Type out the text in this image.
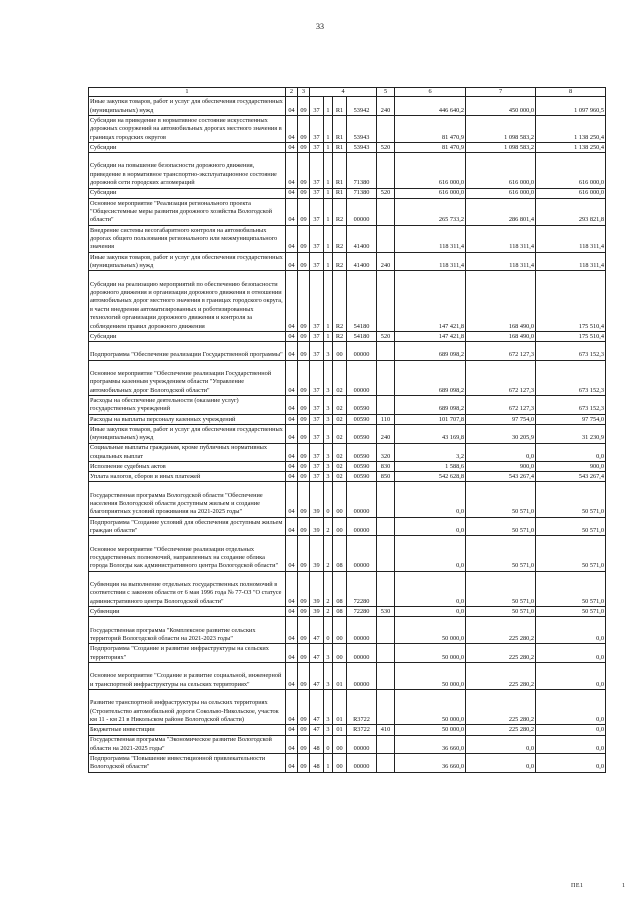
33
1	2	3	4				5	6	7	8
Иные закупки товаров, работ и услуг для обеспечения государственных (муниципальных) нужд	04	09	37	1	R1	53942	240	446 640,2	450 000,0	1 097 960,5
Субсидия на приведение в нормативное состояние искусственных дорожных сооружений на автомобильных дорогах местного значения в границах городских округов	04	09	37	1	R1	53943		81 470,9	1 098 583,2	1 138 250,4
Субсидии	04	09	37	1	R1	53943	520	81 470,9	1 098 583,2	1 138 250,4
Субсидии на повышение безопасности дорожного движения, приведение в нормативное транспортно-эксплуатационное состояние дорожной сети городских агломераций	04	09	37	1	R1	71380		616 000,0	616 000,0	616 000,0
Субсидии	04	09	37	1	R1	71380	520	616 000,0	616 000,0	616 000,0
Основное мероприятие "Реализация регионального проекта "Общесистемные меры развития дорожного хозяйства Вологодской области"	04	09	37	1	R2	00000		265 733,2	286 801,4	293 821,8
Внедрение системы весогабаритного контроля на автомобильных дорогах общего пользования регионального или межмуниципального значения	04	09	37	1	R2	41400		118 311,4	118 311,4	118 311,4
Иные закупки товаров, работ и услуг для обеспечения государственных (муниципальных) нужд	04	09	37	1	R2	41400	240	118 311,4	118 311,4	118 311,4
Субсидии на реализацию мероприятий по обеспечению безопасности дорожного движения и организации дорожного движения в отношении автомобильных дорог местного значения в границах городского округа, в части внедрения автоматизированных и роботизированных технологий организации дорожного движения и контроля за соблюдением правил дорожного движения	04	09	37	1	R2	54180		147 421,8	168 490,0	175 510,4
Субсидии	04	09	37	1	R2	54180	520	147 421,8	168 490,0	175 510,4
Подпрограмма "Обеспечение реализации Государственной программы"	04	09	37	3	00	00000		689 098,2	672 127,3	673 152,3
Основное мероприятие "Обеспечение реализации Государственной программы казенным учреждением области "Управление автомобильных дорог Вологодской области"	04	09	37	3	02	00000		689 098,2	672 127,3	673 152,3
Расходы на обеспечение деятельности (оказание услуг) государственных учреждений	04	09	37	3	02	00590		689 098,2	672 127,3	673 152,3
Расходы на выплаты персоналу казенных учреждений	04	09	37	3	02	00590	110	101 707,8	97 754,0	97 754,0
Иные закупки товаров, работ и услуг для обеспечения государственных (муниципальных) нужд	04	09	37	3	02	00590	240	43 169,8	30 205,9	31 230,9
Социальные выплаты гражданам, кроме публичных нормативных социальных выплат	04	09	37	3	02	00590	320	3,2	0,0	0,0
Исполнение судебных актов	04	09	37	3	02	00590	830	1 588,6	900,0	900,0
Уплата налогов, сборов и иных платежей	04	09	37	3	02	00590	850	542 628,8	543 267,4	543 267,4
Государственная программа Вологодской области "Обеспечение населения Вологодской области доступным жильем и создание благоприятных условий проживания на 2021-2025 годы"	04	09	39	0	00	00000		0,0	50 571,0	50 571,0
Подпрограмма "Создание условий для обеспечения доступным жильем граждан области"	04	09	39	2	00	00000		0,0	50 571,0	50 571,0
Основное мероприятие "Обеспечение реализации отдельных государственных полномочий, направленных на создание облика города Вологды как административного центра Вологодской области"	04	09	39	2	08	00000		0,0	50 571,0	50 571,0
Субвенция на выполнение отдельных государственных полномочий в соответствии с законом области от 6 мая 1996 года № 77-ОЗ "О статусе административного центра Вологодской области"	04	09	39	2	08	72280		0,0	50 571,0	50 571,0
Субвенции	04	09	39	2	08	72280	530	0,0	50 571,0	50 571,0
Государственная программа "Комплексное развитие сельских территорий Вологодской области на 2021-2023 годы"	04	09	47	0	00	00000		50 000,0	225 280,2	0,0
Подпрограмма "Создание и развитие инфраструктуры на сельских территориях"	04	09	47	3	00	00000		50 000,0	225 280,2	0,0
Основное мероприятие "Создание и развитие социальной, инженерной и транспортной инфраструктуры на сельских территориях"	04	09	47	3	01	00000		50 000,0	225 280,2	0,0
Развитие транспортной инфраструктуры на сельских территориях (Строительство автомобильной дороги Сокольво-Никольское, участок км 11 - км 21 в Никольском районе Вологодской области)	04	09	47	3	01	R3722		50 000,0	225 280,2	0,0
Бюджетные инвестиции	04	09	47	3	01	R3722	410	50 000,0	225 280,2	0,0
Государственная программа "Экономическое развитие Вологодской области на 2021-2025 годы"	04	09	48	0	00	00000		36 660,0	0,0	0,0
Подпрограмма "Повышение инвестиционной привлекательности Вологодской области"	04	09	48	1	00	00000		36 660,0	0,0	0,0
ПЕ1	1
